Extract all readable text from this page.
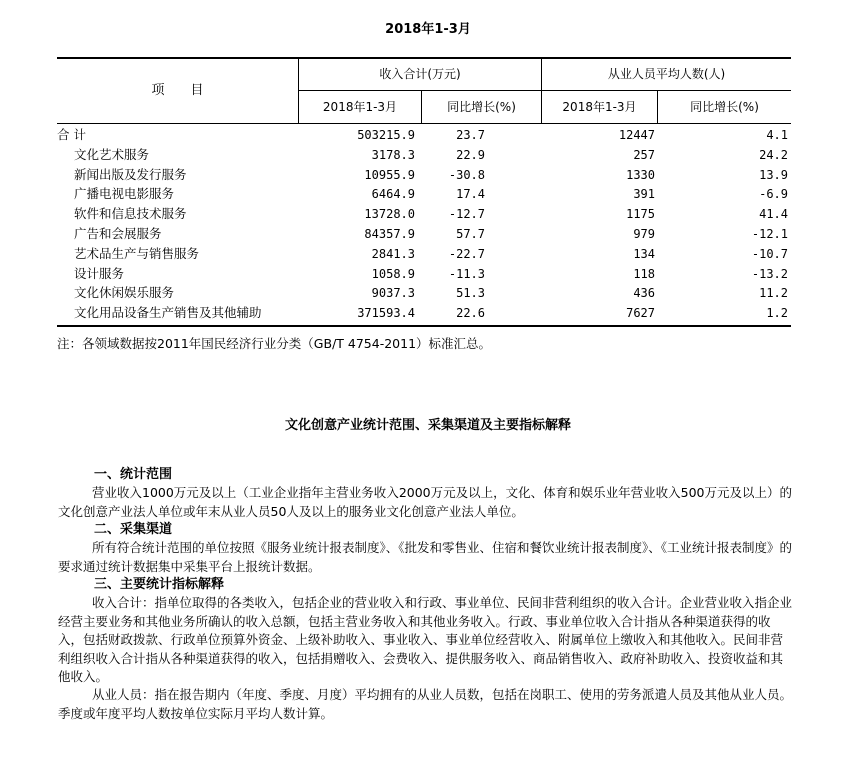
2018年1-3月
项　　目
收入合计(万元)	从业人员平均人数(人)
2018年1-3月	同比增长(%)	2018年1-3月	同比增长(%)
合 计	503215.9	23.7	12447	4.1
文化艺术服务	3178.3	22.9	257	24.2
新闻出版及发行服务	10955.9	-30.8	1330	13.9
广播电视电影服务	6464.9	17.4	391	-6.9
软件和信息技术服务	13728.0	-12.7	1175	41.4
广告和会展服务	84357.9	57.7	979	-12.1
艺术品生产与销售服务	2841.3	-22.7	134	-10.7
设计服务	1058.9	-11.3	118	-13.2
文化休闲娱乐服务	9037.3	51.3	436	11.2
文化用品设备生产销售及其他辅助	371593.4	22.6	7627	1.2
注：各领域数据按2011年国民经济行业分类（GB/T 4754-2011）标准汇总。
文化创意产业统计范围、采集渠道及主要指标解释
一、统计范围
营业收入1000万元及以上（工业企业指年主营业务收入2000万元及以上，文化、体育和娱乐业年营业收入500万元及以上）的文化创意产业法人单位或年末从业人员50人及以上的服务业文化创意产业法人单位。
二、采集渠道
所有符合统计范围的单位按照《服务业统计报表制度》、《批发和零售业、住宿和餐饮业统计报表制度》、《工业统计报表制度》的要求通过统计数据集中采集平台上报统计数据。
三、主要统计指标解释
收入合计：指单位取得的各类收入，包括企业的营业收入和行政、事业单位、民间非营利组织的收入合计。企业营业收入指企业经营主要业务和其他业务所确认的收入总额，包括主营业务收入和其他业务收入。行政、事业单位收入合计指从各种渠道获得的收入，包括财政拨款、行政单位预算外资金、上级补助收入、事业收入、事业单位经营收入、附属单位上缴收入和其他收入。民间非营利组织收入合计指从各种渠道获得的收入，包括捐赠收入、会费收入、提供服务收入、商品销售收入、政府补助收入、投资收益和其他收入。
从业人员：指在报告期内（年度、季度、月度）平均拥有的从业人员数，包括在岗职工、使用的劳务派遣人员及其他从业人员。季度或年度平均人数按单位实际月平均人数计算。
